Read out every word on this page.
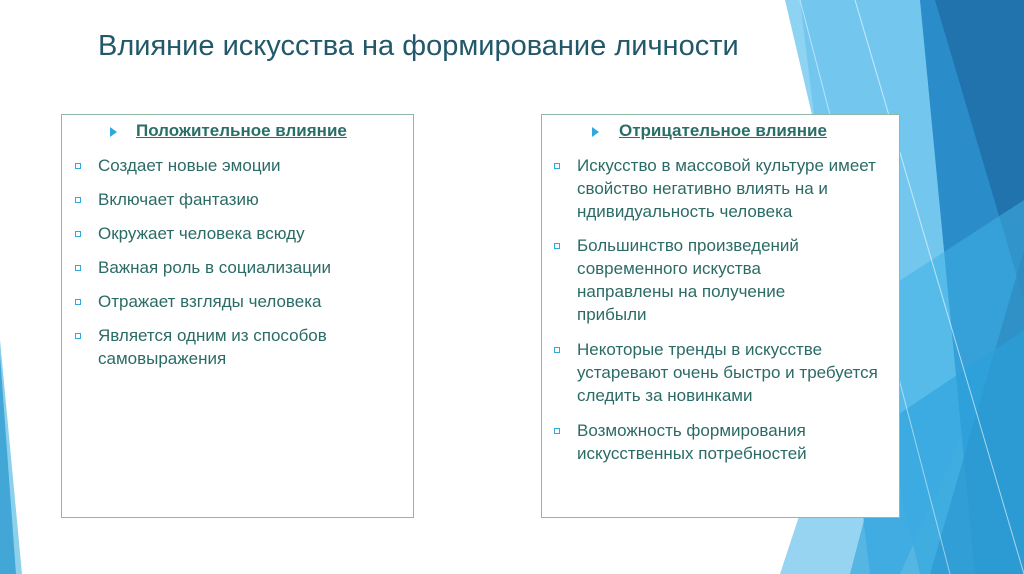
Влияние искусства на формирование личности
Положительное влияние
Создает новые эмоции
Включает фантазию
Окружает человека всюду
Важная роль в социализации
Отражает взгляды человека
Является одним из способов самовыражения
Отрицательное влияние
Искусство в массовой культуре имеет свойство негативно влиять на и ндивидуальность человека
Большинство произведений современного искуства направлены на получение прибыли
Некоторые тренды в искусстве устаревают очень быстро и требуется следить за новинками
Возможность формирования искусственных потребностей
